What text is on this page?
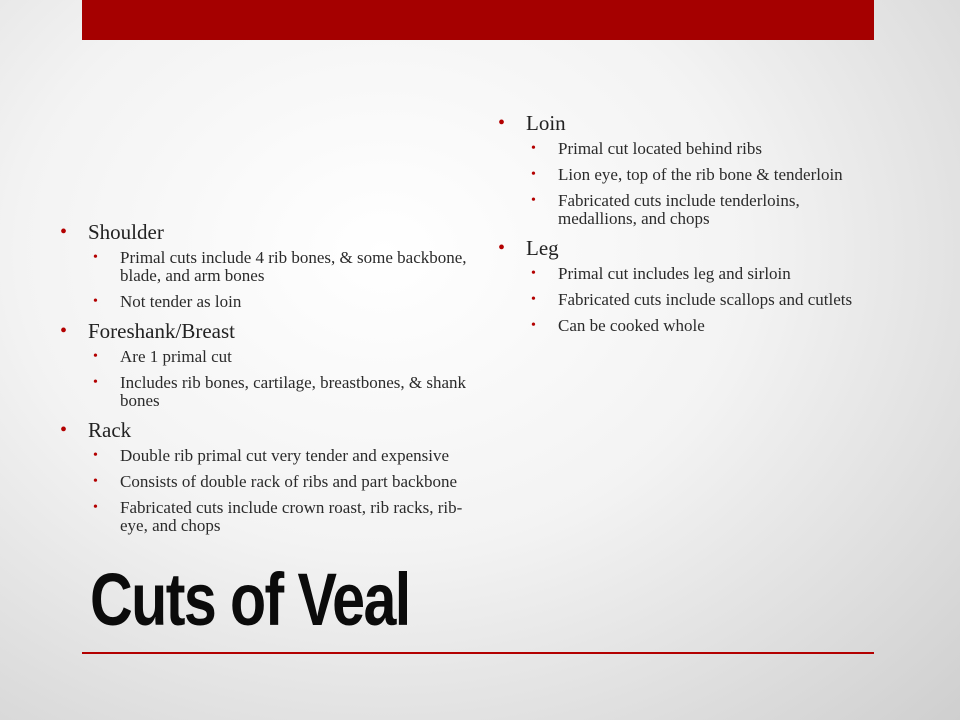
• Shoulder
• Primal cuts include 4 rib bones, & some backbone, blade, and arm bones
• Not tender as loin
• Foreshank/Breast
• Are 1 primal cut
• Includes rib bones, cartilage, breastbones, & shank bones
• Rack
• Double rib primal cut very tender and expensive
• Consists of double rack of ribs and part backbone
• Fabricated cuts include crown roast, rib racks, rib-eye, and chops
• Loin
• Primal cut located behind ribs
• Lion eye, top of the rib bone & tenderloin
• Fabricated cuts include tenderloins, medallions, and chops
• Leg
• Primal cut includes leg and sirloin
• Fabricated cuts include scallops and cutlets
• Can be cooked whole
Cuts of Veal
